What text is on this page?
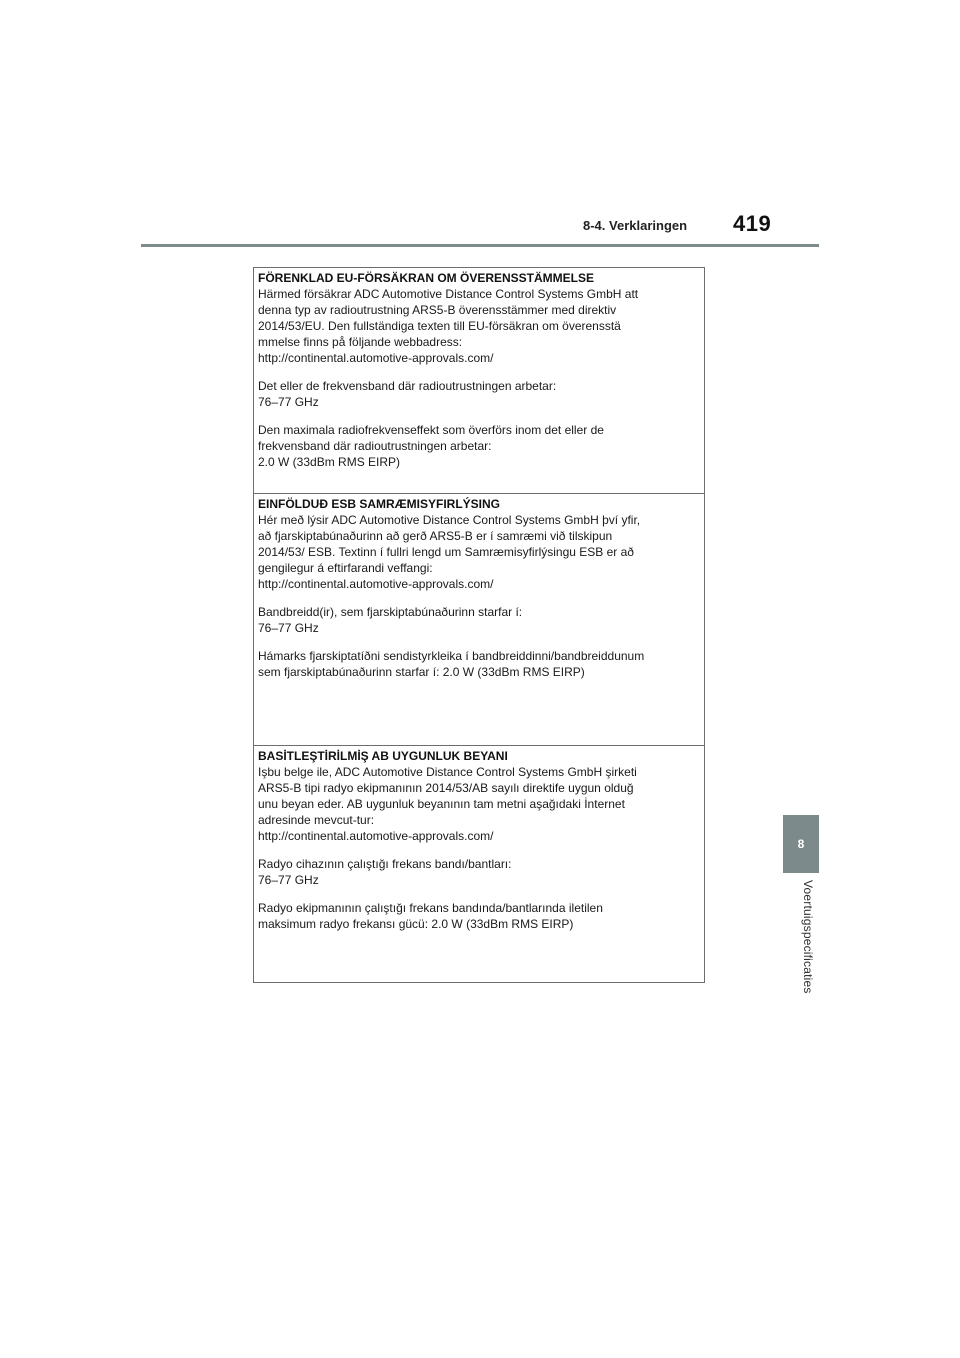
8-4. Verklaringen 419
8
Voertuigspecificaties
FÖRENKLAD EU-FÖRSÄKRAN OM ÖVERENSSTÄMMELSE
Härmed försäkrar ADC Automotive Distance Control Systems GmbH att
denna typ av radioutrustning ARS5-B överensstämmer med direktiv
2014/53/EU. Den fullständiga texten till EU-försäkran om överensstä
mmelse finns på följande webbadress:
http://continental.automotive-approvals.com/
Det eller de frekvensband där radioutrustningen arbetar:
76–77 GHz
Den maximala radiofrekvenseffekt som överförs inom det eller de
frekvensband där radioutrustningen arbetar:
2.0 W (33dBm RMS EIRP)
EINFÖLDUÐ ESB SAMRÆMISYFIRLÝSING
Hér með lýsir ADC Automotive Distance Control Systems GmbH því yfir,
að fjarskiptabúnaðurinn að gerð ARS5-B er í samræmi við tilskipun
2014/53/ ESB. Textinn í fullri lengd um Samræmisyfirlýsingu ESB er að
gengilegur á eftirfarandi veffangi:
http://continental.automotive-approvals.com/
Bandbreidd(ir), sem fjarskiptabúnaðurinn starfar í:
76–77 GHz
Hámarks fjarskiptatíðni sendistyrkleika í bandbreiddinni/bandbreiddunum
sem fjarskiptabúnaðurinn starfar í: 2.0 W (33dBm RMS EIRP)
BASİTLEŞTİRİLMİŞ AB UYGUNLUK BEYANI
Işbu belge ile, ADC Automotive Distance Control Systems GmbH şirketi
ARS5-B tipi radyo ekipmanının 2014/53/AB sayılı direktife uygun olduğ
unu beyan eder. AB uygunluk beyanının tam metni aşağıdaki İnternet
adresinde mevcut-tur:
http://continental.automotive-approvals.com/
Radyo cihazının çalıştığı frekans bandı/bantları:
76–77 GHz
Radyo ekipmanının çalıştığı frekans bandında/bantlarında iletilen
maksimum radyo frekansı gücü: 2.0 W (33dBm RMS EIRP)
